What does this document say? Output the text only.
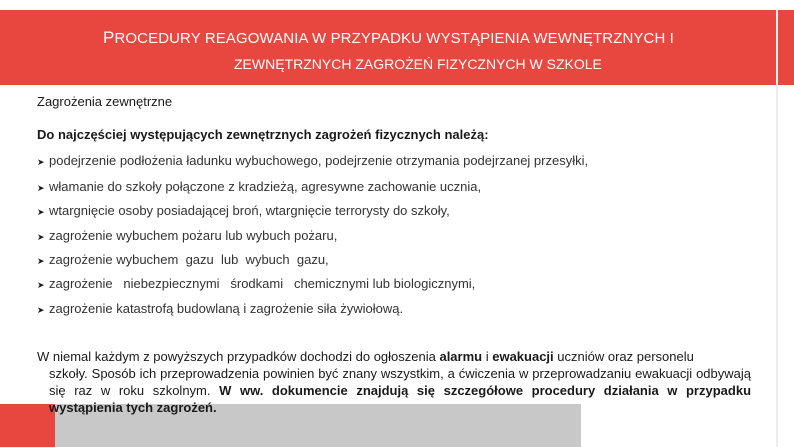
PROCEDURY REAGOWANIA W PRZYPADKU WYSTĄPIENIA WEWNĘTRZNYCH I
ZEWNĘTRZNYCH ZAGROŻEŃ FIZYCZNYCH W SZKOLE
Zagrożenia zewnętrzne
Do najczęściej występujących zewnętrznych zagrożeń fizycznych należą:
➤ podejrzenie podłożenia ładunku wybuchowego, podejrzenie otrzymania podejrzanej przesyłki,
➤ włamanie do szkoły połączone z kradzieżą, agresywne zachowanie ucznia,
➤ wtargnięcie osoby posiadającej broń, wtargnięcie terrorysty do szkoły,
➤ zagrożenie wybuchem pożaru lub wybuch pożaru,
➤ zagrożenie wybuchem  gazu  lub  wybuch  gazu,
➤ zagrożenie   niebezpiecznymi   środkami   chemicznymi lub biologicznymi,
➤ zagrożenie katastrofą budowlaną i zagrożenie siła żywiołową.
W niemal każdym z powyższych przypadków dochodzi do ogłoszenia alarmu i ewakuacji uczniów oraz personelu
szkoły. Sposób ich przeprowadzenia powinien być znany wszystkim, a ćwiczenia w przeprowadzaniu ewakuacji odbywają się raz w roku szkolnym. W ww. dokumencie znajdują się szczegółowe procedury działania w przypadku wystąpienia tych zagrożeń.
